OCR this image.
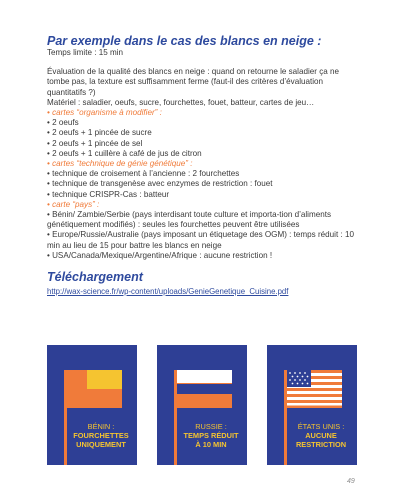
Par exemple dans le cas des blancs en neige :

Temps limite : 15 min

Évaluation de la qualité des blancs en neige : quand on retourne le saladier ça ne tombe pas, la texture est suffisamment ferme (faut-il des critères d’évaluation quantitatifs ?)

Matériel : saladier, oeufs, sucre, fourchettes, fouet, batteur, cartes de jeu…

• cartes “organisme à modifier” :

• 2 oeufs

• 2 oeufs + 1 pincée de sucre

• 2 oeufs + 1 pincée de sel

• 2 oeufs + 1 cuillère à café de jus de citron

• cartes “technique de génie génétique” :

• technique de croisement à l’ancienne : 2 fourchettes

• technique de transgenèse avec enzymes de restriction : fouet

• technique CRISPR-Cas : batteur

• carte “pays” :

• Bénin/ Zambie/Serbie (pays interdisant toute culture et importa-tion d’aliments génétiquement modifiés) : seules les fourchettes peuvent être utilisées

• Europe/Russie/Australie (pays imposant un étiquetage des OGM) : temps réduit : 10 min au lieu de 15 pour battre les blancs en neige

• USA/Canada/Mexique/Argentine/Afrique : aucune restriction !

Téléchargement

http://wax-science.fr/wp-content/uploads/GenieGenetique_Cuisine.pdf
BÉNIN :
FOURCHETTES
UNIQUEMENT
RUSSIE :
TEMPS RÉDUIT
À 10 MIN
ÉTATS UNIS :
AUCUNE
RESTRICTION
49
